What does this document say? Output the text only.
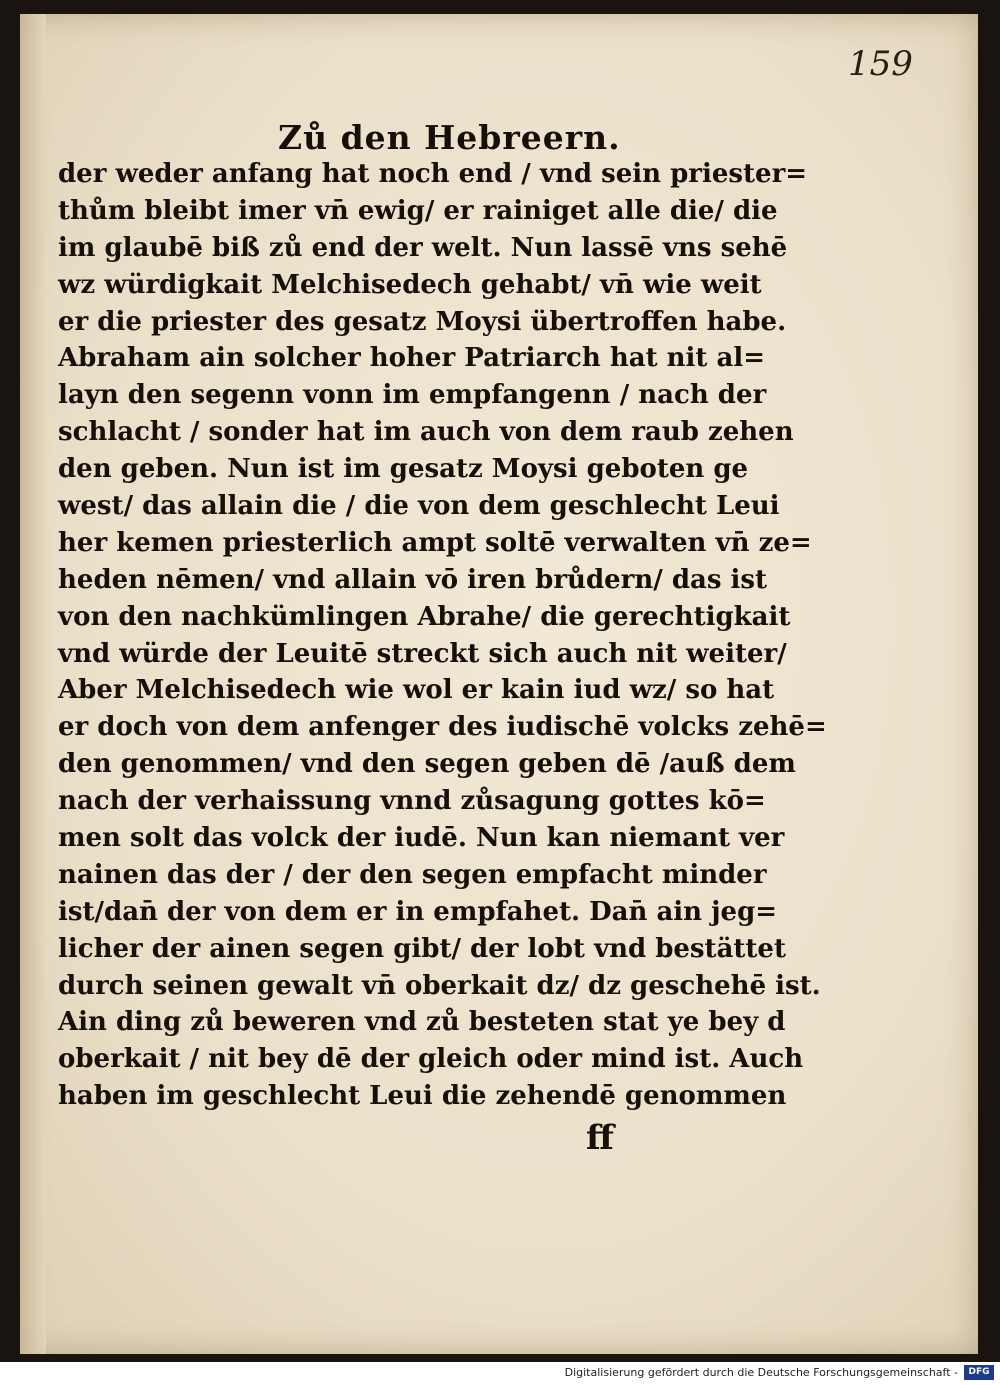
159
Zů den Hebreern.
der weder anfang hat noch end / vnd sein priester=
thům bleibt imer vn̄ ewig/ er rainiget alle die/ die
im glaubē biß zů end der welt. Nun lassē vns sehē
wz würdigkait Melchisedech gehabt/ vn̄ wie weit
er die priester des gesatz Moysi übertroffen habe.
Abraham ain solcher hoher Patriarch hat nit al=
layn den segenn vonn im empfangenn / nach der
schlacht / sonder hat im auch von dem raub zehen
den geben. Nun ist im gesatz Moysi geboten ge
west/ das allain die / die von dem geschlecht Leui
her kemen priesterlich ampt soltē verwalten vn̄ ze=
heden nēmen/ vnd allain vō iren brůdern/ das ist
von den nachkümlingen Abrahe/ die gerechtigkait
vnd würde der Leuitē streckt sich auch nit weiter/
Aber Melchisedech wie wol er kain iud wz/ so hat
er doch von dem anfenger des iudischē volcks zehē=
den genommen/ vnd den segen geben dē /auß dem
nach der verhaissung vnnd zůsagung gottes kō=
men solt das volck der iudē. Nun kan niemant ver
nainen das der / der den segen empfacht minder
ist/dan̄ der von dem er in empfahet. Dan̄ ain jeg=
licher der ainen segen gibt/ der lobt vnd bestättet
durch seinen gewalt vn̄ oberkait dz/ dz geschehē ist.
Ain ding zů beweren vnd zů besteten stat ye bey d
oberkait / nit bey dē der gleich oder mind ist. Auch
haben im geschlecht Leui die zehendē genommen
ff
Digitalisierung gefördert durch die Deutsche Forschungsgemeinschaft -	DFG
